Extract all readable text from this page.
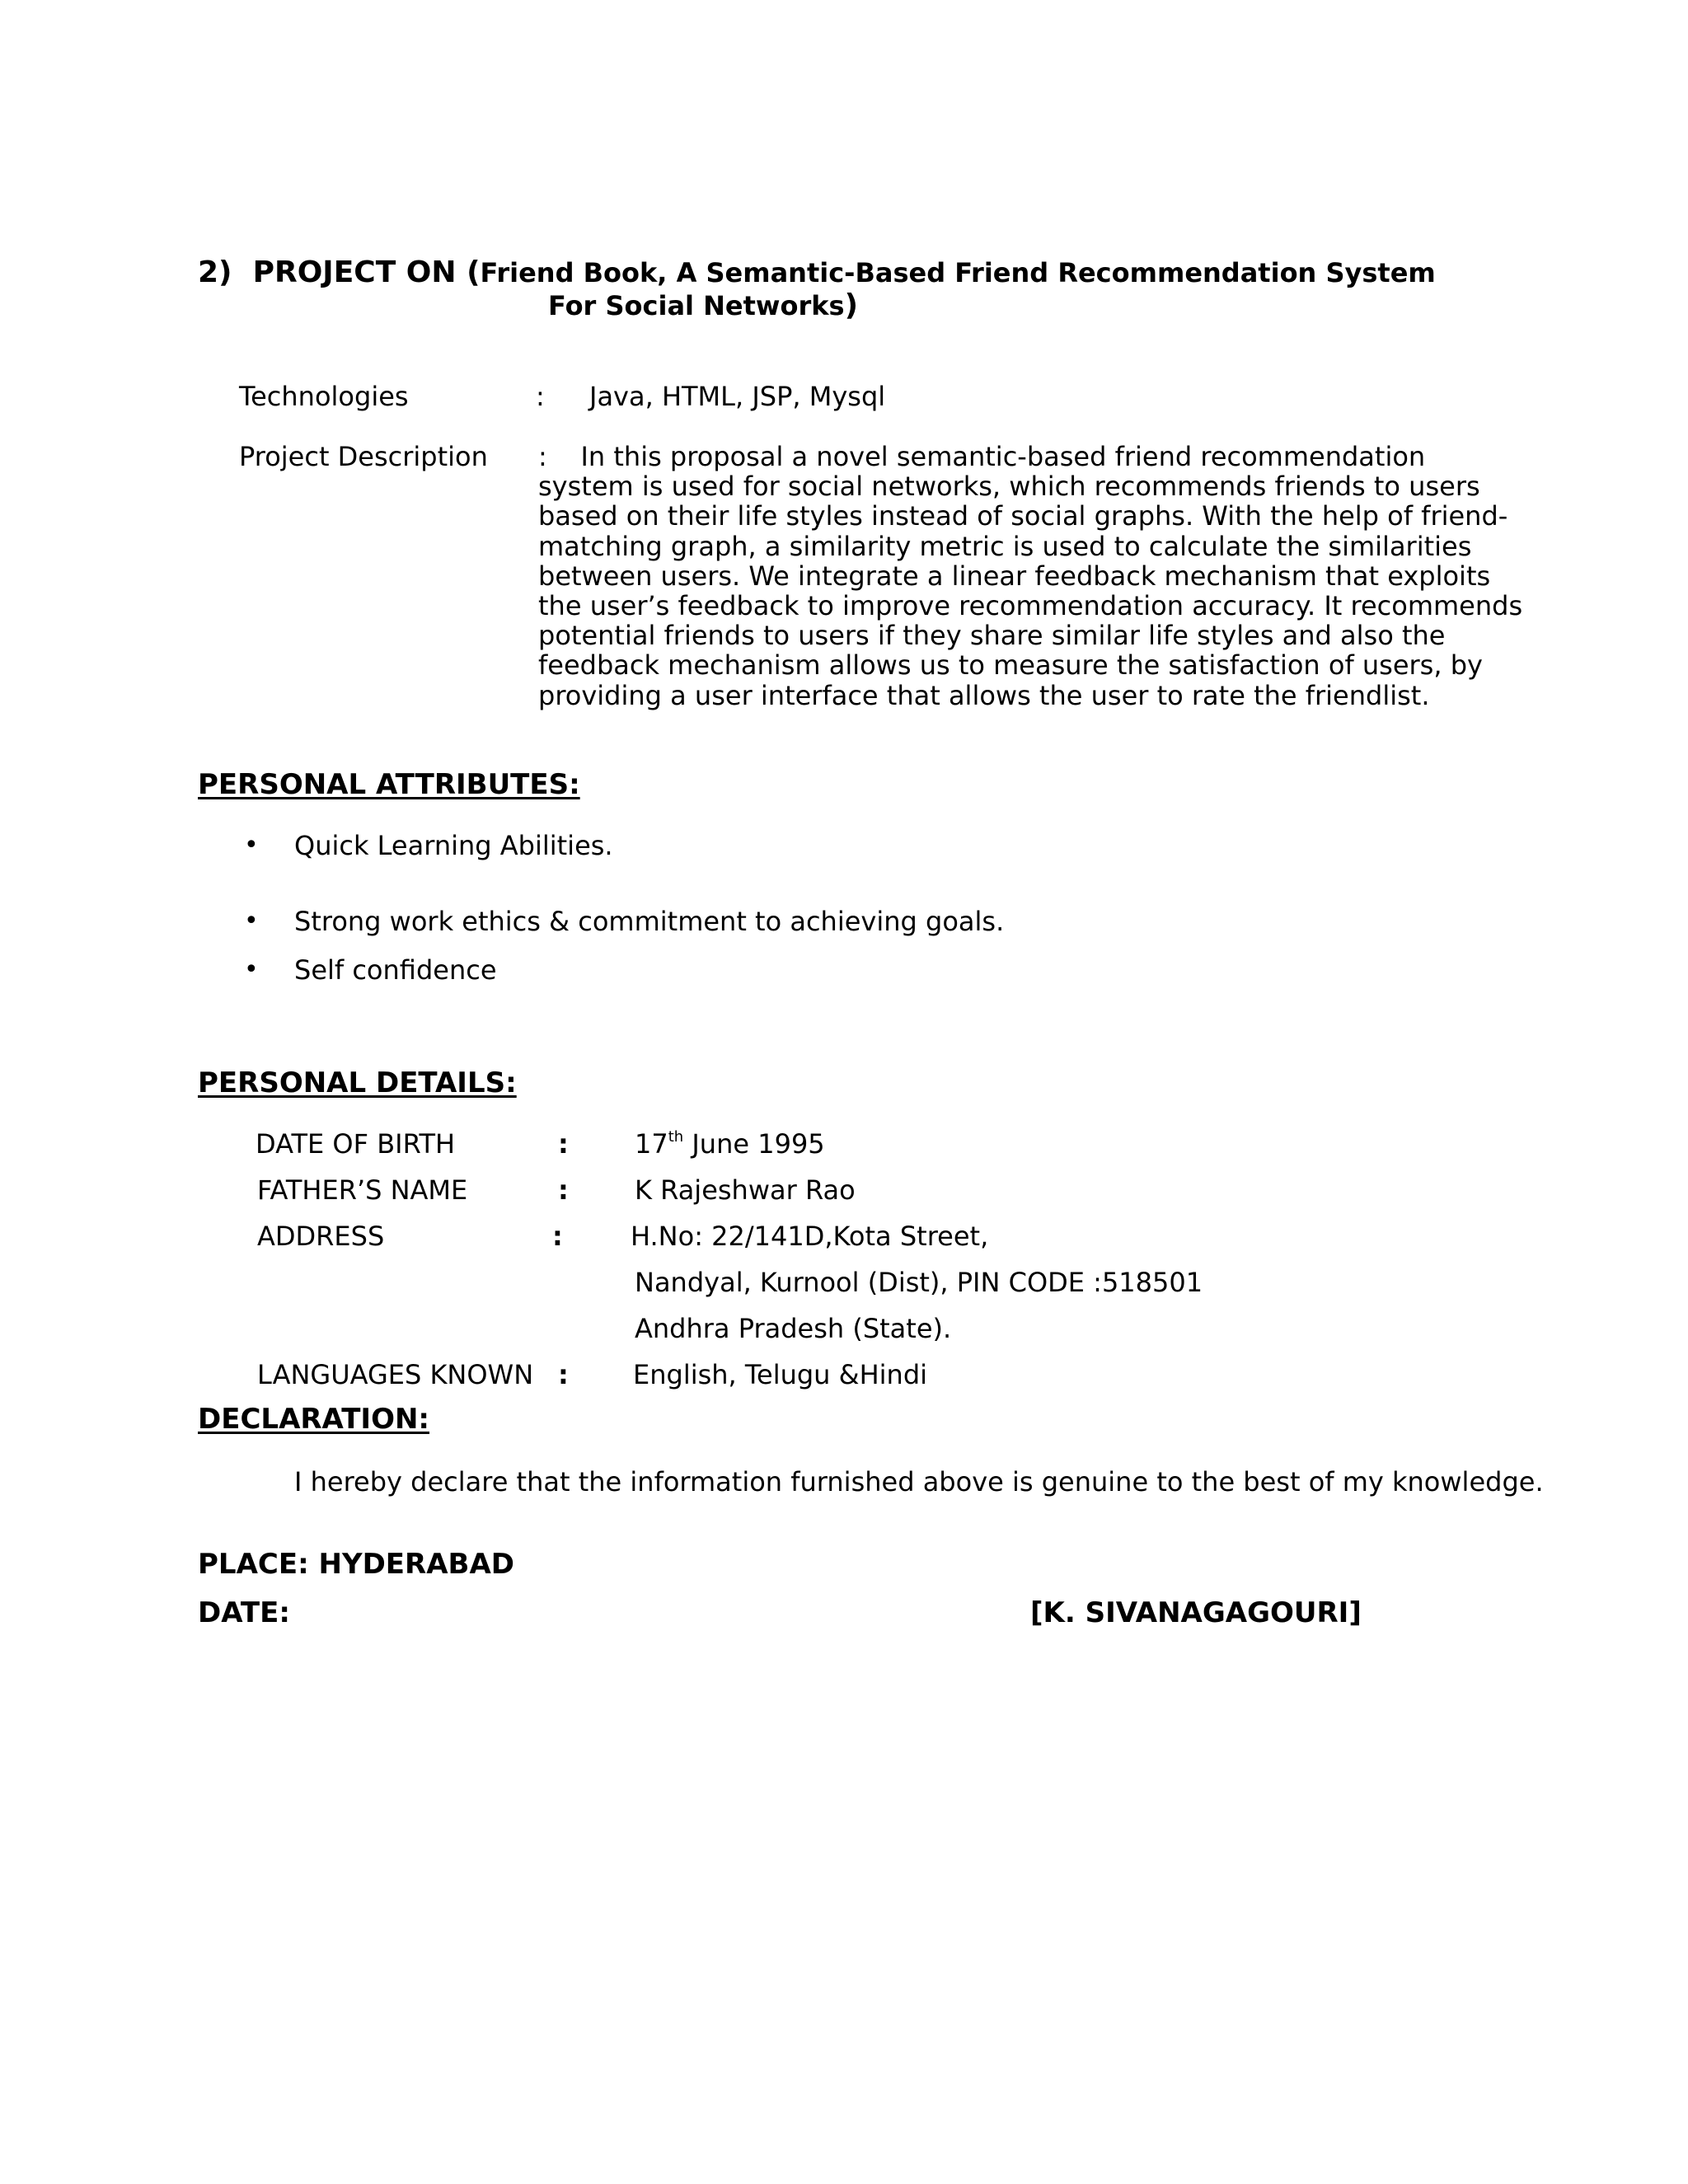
2) PROJECT ON (Friend Book, A Semantic-Based Friend Recommendation System
For Social Networks)
Technologies	: Java, HTML, JSP, Mysql
Project Description :    In this proposal a novel semantic-based friend recommendation
system is used for social networks, which recommends friends to users
based on their life styles instead of social graphs. With the help of friend-
matching graph, a similarity metric is used to calculate the similarities
between users. We integrate a linear feedback mechanism that exploits
the user’s feedback to improve recommendation accuracy. It recommends
potential friends to users if they share similar life styles and also the
feedback mechanism allows us to measure the satisfaction of users, by
providing a user interface that allows the user to rate the friendlist.
PERSONAL ATTRIBUTES:
• Quick Learning Abilities.
• Strong work ethics & commitment to achieving goals.
• Self confidence
PERSONAL DETAILS:
DATE OF BIRTH	:	17th June 1995
FATHER’S NAME	:	K Rajeshwar Rao
ADDRESS	:	H.No: 22/141D,Kota Street,
Nandyal, Kurnool (Dist), PIN CODE :518501
Andhra Pradesh (State).
LANGUAGES KNOWN : English, Telugu &Hindi
DECLARATION:
I hereby declare that the information furnished above is genuine to the best of my knowledge.
PLACE: HYDERABAD
DATE:	[K. SIVANAGAGOURI]
